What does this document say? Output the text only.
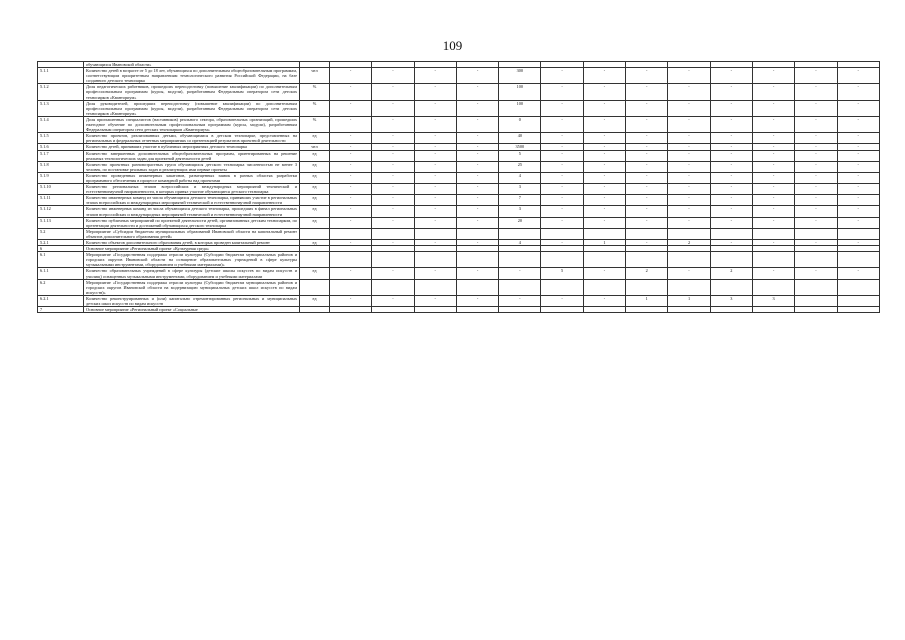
109
	обучающихся Ивановской области»														
5.1.1	Количество детей в возрасте от 5 до 18 лет, обучающихся по дополнительным общеобразовательным программам, соответствующим приоритетным направлениям технологического развития Российской Федерации, на базе созданного детского технопарка	чел	-	-	-	-	300	-	-	-	-	-	-	-	-
5.1.2	Доля педагогических работников, прошедших переподготовку (повышение квалификации) по дополнительным профессиональным программам (курсы, модули), разработанным Федеральным оператором сети детских технопарков «Кванториум»	%	-	-	-	-	100	-	-	-	-	-	-	-	-
5.1.3	Доля руководителей, прошедших переподготовку (повышение квалификации) по дополнительным профессиональным программам (курсы, модули), разработанным Федеральным оператором сети детских технопарков «Кванториум»	%	-	-	-	-	100	-	-	-	-	-	-	-	-
5.1.4	Доля приглашенных специалистов (наставников) реального сектора, образовательных организаций, прошедших ежегодное обучение по дополнительным профессиональным программам (курсы, модули), разработанным Федеральным оператором сети детских технопарков «Кванториум»	%	-	-	-	-	0	-	-	-	-	-	-	-	-
5.1.5	Количество проектов, реализованных детьми, обучающимися в детском технопарке, представленных на региональных и федеральных отчетных мероприятиях со презентацией результатов проектной деятельности	ед	-	-	-	-	40	-	-	-	-	-	-	-	-
5.1.6	Количество детей, принявших участие в публичных мероприятиях детского технопарка	чел	-	-	-	-	3500	-	-	-	-	-	-	-	-
5.1.7	Количество завершенных дополнительных общеобразовательных программ, ориентированных на решение реальных технологических задач для проектной деятельности детей	ед	-	-	-	-	5	-	-	-	-	-	-	-	-
5.1.8	Количество проектных разновозрастных групп обучающихся детского технопарка численностью не менее 3 человек, по постановке реальных задач и реализующих ими первые проекты	ед	-	-	-	-	25	-	-	-	-	-	-	-	-
5.1.9	Количество проведенных инженерных хакатонов, размещенных заявок в разных областях разработки программного обеспечения в процессе командной работы над проектами	ед	-	-	-	-	4	-	-	-	-	-	-	-	-
5.1.10	Количество региональных этапов всероссийских и международных мероприятий технической и естественнонаучной направленности, в которых принял участие обучающиеся детского технопарка	ед	-	-	-	-	3	-	-	-	-	-	-	-	-
5.1.11	Количество инженерных команд из числа обучающихся детского технопарка, принявших участие в региональных этапах всероссийских и международных мероприятий технической и естественнонаучной направленности	ед	-	-	-	-	7	-	-	-	-	-	-	-	-
5.1.12	Количество инженерных команд из числа обучающихся детского технопарка, прошедших в финал региональных этапов всероссийских и международных мероприятий технической и естественнонаучной направленности	ед	-	-	-	-	3	-	-	-	-	-	-	-	-
5.1.13	Количество публичных мероприятий по проектной деятельности детей, организованных детским технопарком, по презентации деятельности и достижений обучающихся детского технопарка	ед	-	-	-	-	20	-	-	-	-	-	-	-	-
5.2	Мероприятие «Субсидии бюджетам муниципальных образований Ивановской области на капитальный ремонт объектов дополнительного образования детей»														
5.2.1	Количество объектов дополнительного образования детей, в которых проведен капитальный ремонт	ед	-	-	-	-	4	-	1	-	2	-	-	-	-
6	Основное мероприятие «Региональный проект «Культурная среда»														
6.1	Мероприятие «Государственная поддержка отрасли культуры (Субсидии бюджетам муниципальных районов и городских округов Ивановской области на оснащение образовательных учреждений в сфере культуры музыкальными инструментами, оборудованием и учебными материалами)»														
6.1.1	Количество образовательных учреждений в сфере культуры (детские школы искусств по видам искусств и училищ) оснащенных музыкальными инструментами, оборудованием и учебными материалами	ед	-	-	-	-	-	5	-	2	-	2	-	-	-
6.2	Мероприятие «Государственная поддержка отрасли культуры (Субсидии бюджетам муниципальных районов и городских округов Ивановской области на модернизацию муниципальных детских школ искусств по видам искусств)»														
6.2.1	Количество реконструированных и (или) капитально отремонтированных региональных и муниципальных детских школ искусств по видам искусств	ед	-	-	-	-	-	-	-	1	1	3	3		
7	Основное мероприятие «Региональный проект «Социальные														
